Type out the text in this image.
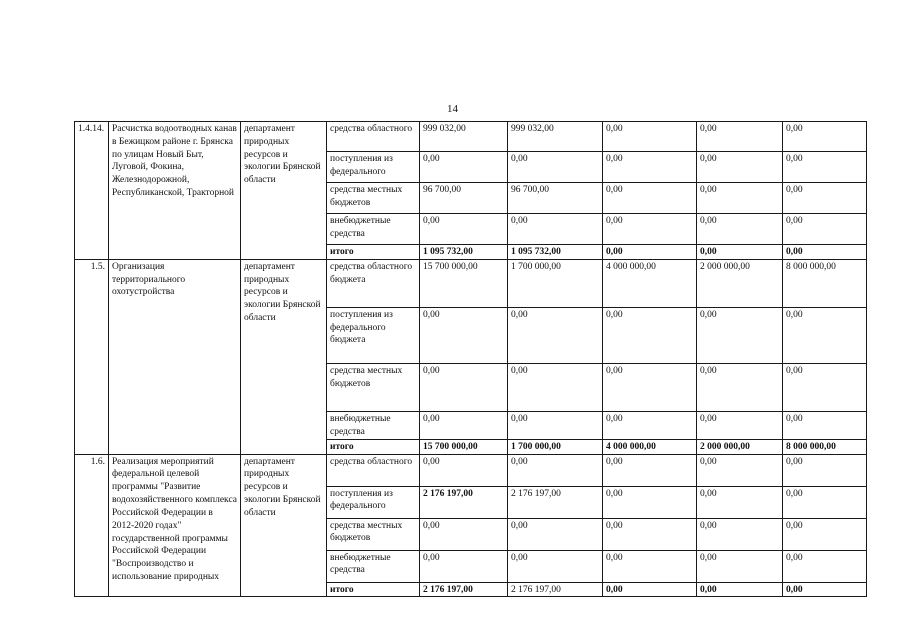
14
1.4.14.	Расчистка водоотводных канав в Бежицком районе г. Брянска по улицам Новый Быт, Луговой, Фокина, Железнодорожной, Республиканской, Тракторной	департамент природных ресурсов и экологии Брянской области	средства областного	999 032,00	999 032,00	0,00	0,00	0,00
			поступления из федерального	0,00	0,00	0,00	0,00	0,00
			средства местных бюджетов	96 700,00	96 700,00	0,00	0,00	0,00
			внебюджетные средства	0,00	0,00	0,00	0,00	0,00
			итого	1 095 732,00	1 095 732,00	0,00	0,00	0,00
1.5.	Организация территориального охотустройства	департамент природных ресурсов и экологии Брянской области	средства областного бюджета	15 700 000,00	1 700 000,00	4 000 000,00	2 000 000,00	8 000 000,00
			поступления из федерального бюджета	0,00	0,00	0,00	0,00	0,00
			средства местных бюджетов	0,00	0,00	0,00	0,00	0,00
			внебюджетные средства	0,00	0,00	0,00	0,00	0,00
			итого	15 700 000,00	1 700 000,00	4 000 000,00	2 000 000,00	8 000 000,00
1.6.	Реализация мероприятий федеральной целевой программы "Развитие водохозяйственного комплекса Российской Федерации в 2012-2020 годах" государственной программы Российской Федерации "Воспроизводство и использование природных	департамент природных ресурсов и экологии Брянской области	средства областного	0,00	0,00	0,00	0,00	0,00
			поступления из федерального	2 176 197,00	2 176 197,00	0,00	0,00	0,00
			средства местных бюджетов	0,00	0,00	0,00	0,00	0,00
			внебюджетные средства	0,00	0,00	0,00	0,00	0,00
			итого	2 176 197,00	2 176 197,00	0,00	0,00	0,00
